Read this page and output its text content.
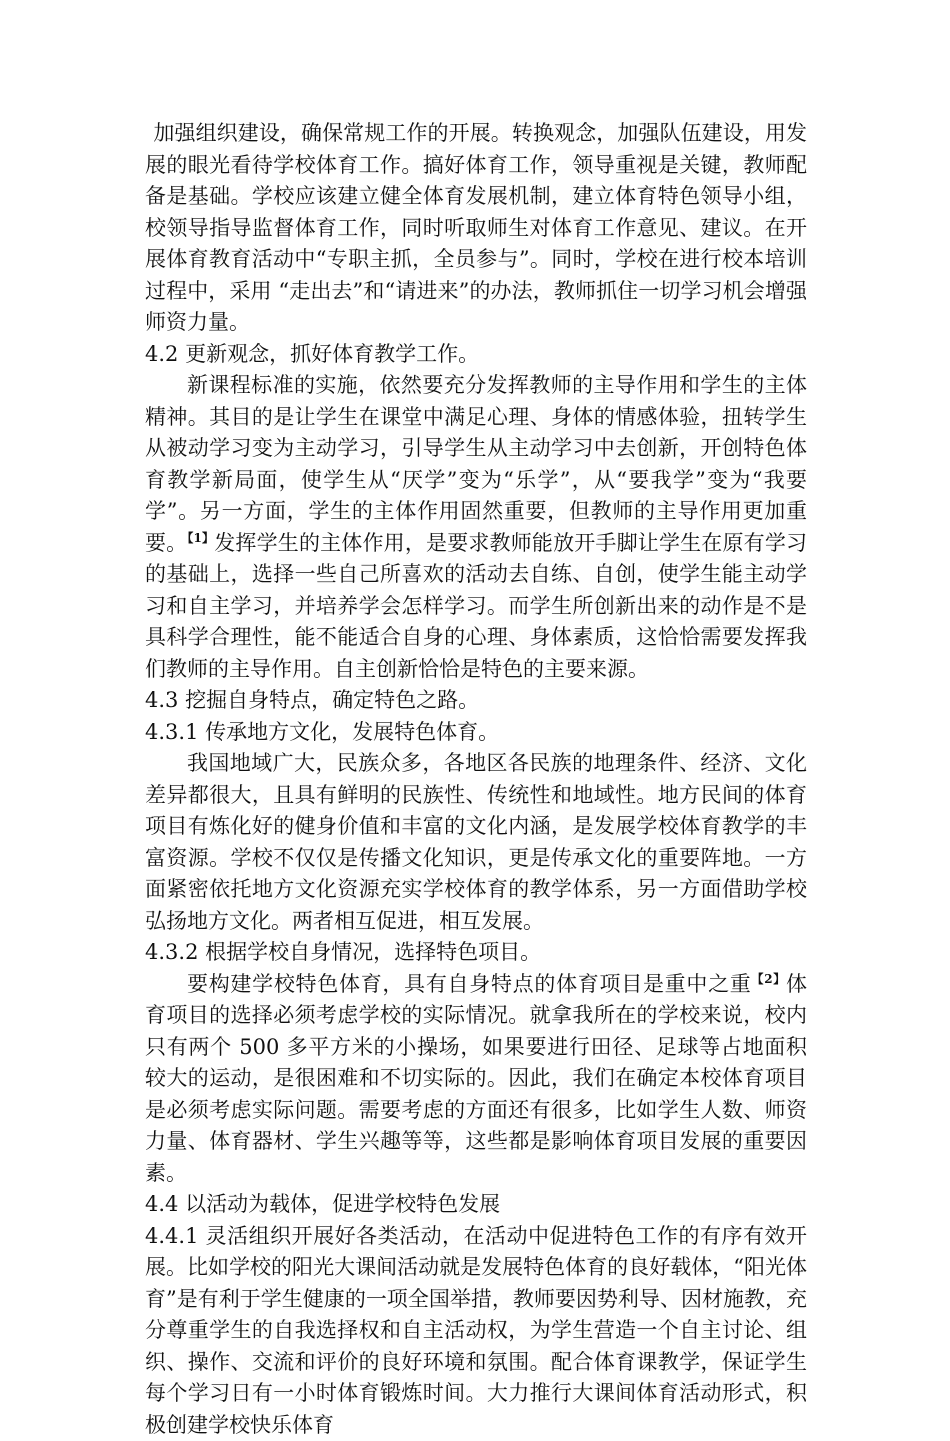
加强组织建设，确保常规工作的开展。转换观念，加强队伍建设，用发展的眼光看待学校体育工作。搞好体育工作，领导重视是关键，教师配备是基础。学校应该建立健全体育发展机制，建立体育特色领导小组，校领导指导监督体育工作，同时听取师生对体育工作意见、建议。在开展体育教育活动中“专职主抓，全员参与”。同时，学校在进行校本培训过程中，采用 “走出去”和“请进来”的办法，教师抓住一切学习机会增强师资力量。

4.2 更新观念，抓好体育教学工作。

新课程标准的实施，依然要充分发挥教师的主导作用和学生的主体精神。其目的是让学生在课堂中满足心理、身体的情感体验，扭转学生从被动学习变为主动学习，引导学生从主动学习中去创新，开创特色体育教学新局面，使学生从“厌学”变为“乐学”，从“要我学”变为“我要学”。另一方面，学生的主体作用固然重要，但教师的主导作用更加重要。$^{【1】}$发挥学生的主体作用，是要求教师能放开手脚让学生在原有学习的基础上，选择一些自己所喜欢的活动去自练、自创，使学生能主动学习和自主学习，并培养学会怎样学习。而学生所创新出来的动作是不是具科学合理性，能不能适合自身的心理、身体素质，这恰恰需要发挥我们教师的主导作用。自主创新恰恰是特色的主要来源。

4.3 挖掘自身特点，确定特色之路。

4.3.1 传承地方文化，发展特色体育。

我国地域广大，民族众多，各地区各民族的地理条件、经济、文化差异都很大，且具有鲜明的民族性、传统性和地域性。地方民间的体育项目有炼化好的健身价值和丰富的文化内涵，是发展学校体育教学的丰富资源。学校不仅仅是传播文化知识，更是传承文化的重要阵地。一方面紧密依托地方文化资源充实学校体育的教学体系，另一方面借助学校弘扬地方文化。两者相互促进，相互发展。

4.3.2 根据学校自身情况，选择特色项目。

要构建学校特色体育，具有自身特点的体育项目是重中之重$^{【2】}$体育项目的选择必须考虑学校的实际情况。就拿我所在的学校来说，校内只有两个 500 多平方米的小操场，如果要进行田径、足球等占地面积较大的运动，是很困难和不切实际的。因此，我们在确定本校体育项目是必须考虑实际问题。需要考虑的方面还有很多，比如学生人数、师资力量、体育器材、学生兴趣等等，这些都是影响体育项目发展的重要因素。

4.4 以活动为载体，促进学校特色发展

4.4.1 灵活组织开展好各类活动，在活动中促进特色工作的有序有效开展。比如学校的阳光大课间活动就是发展特色体育的良好载体，“阳光体育”是有利于学生健康的一项全国举措，教师要因势利导、因材施教，充分尊重学生的自我选择权和自主活动权，为学生营造一个自主讨论、组织、操作、交流和评价的良好环境和氛围。配合体育课教学，保证学生每个学习日有一小时体育锻炼时间。大力推行大课间体育活动形式，积极创建学校快乐体育
